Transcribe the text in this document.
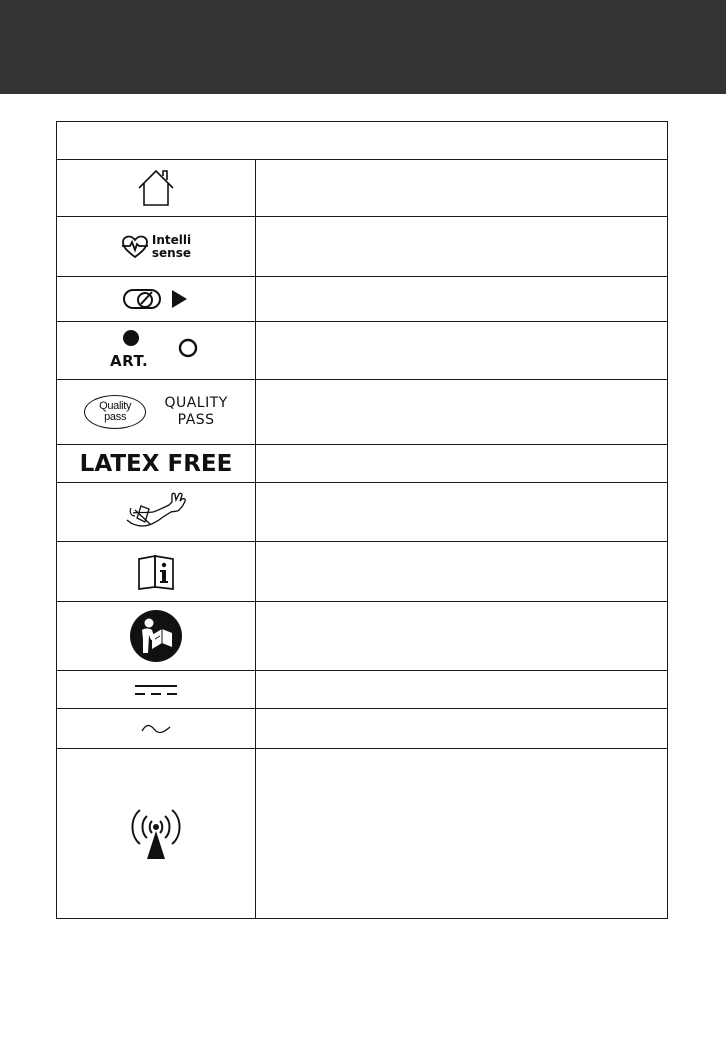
Intelli
sense
ART.
Quality
pass
QUALITY
PASS
LATEX FREE
